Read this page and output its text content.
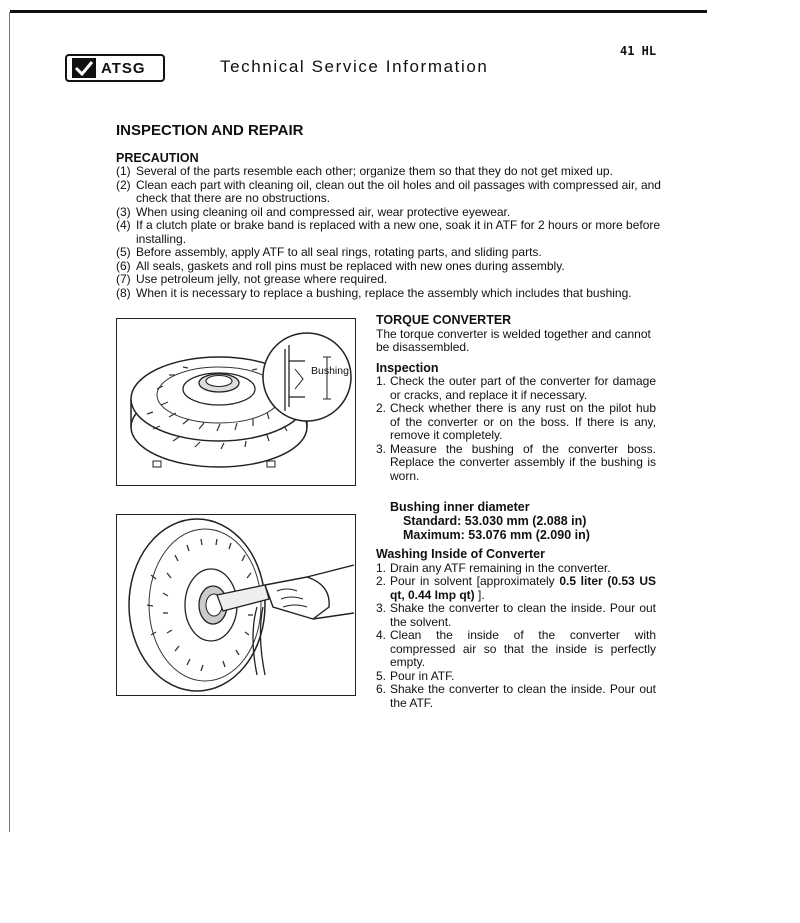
ATSG	Technical Service Information
41 HL
INSPECTION AND REPAIR
PRECAUTION
(1) Several of the parts resemble each other; organize them so that they do not get mixed up.
(2) Clean each part with cleaning oil, clean out the oil holes and oil passages with compressed air, and check that there are no obstructions.
(3) When using cleaning oil and compressed air, wear protective eyewear.
(4) If a clutch plate or brake band is replaced with a new one, soak it in ATF for 2 hours or more before installing.
(5) Before assembly, apply ATF to all seal rings, rotating parts, and sliding parts.
(6) All seals, gaskets and roll pins must be replaced with new ones during assembly.
(7) Use petroleum jelly, not grease where required.
(8) When it is necessary to replace a bushing, replace the assembly which includes that bushing.
Bushing
TORQUE CONVERTER
The torque converter is welded together and cannot be disassembled.
Inspection
1. Check the outer part of the converter for damage or cracks, and replace it if necessary.
2. Check whether there is any rust on the pilot hub of the converter or on the boss. If there is any, remove it completely.
3. Measure the bushing of the converter boss. Replace the converter assembly if the bushing is worn.
Bushing inner diameter
Standard: 53.030 mm (2.088 in)
Maximum: 53.076 mm (2.090 in)
Washing Inside of Converter
1. Drain any ATF remaining in the converter.
2. Pour in solvent [approximately 0.5 liter (0.53 US qt, 0.44 Imp qt) ].
3. Shake the converter to clean the inside. Pour out the solvent.
4. Clean the inside of the converter with compressed air so that the inside is perfectly empty.
5. Pour in ATF.
6. Shake the converter to clean the inside. Pour out the ATF.
